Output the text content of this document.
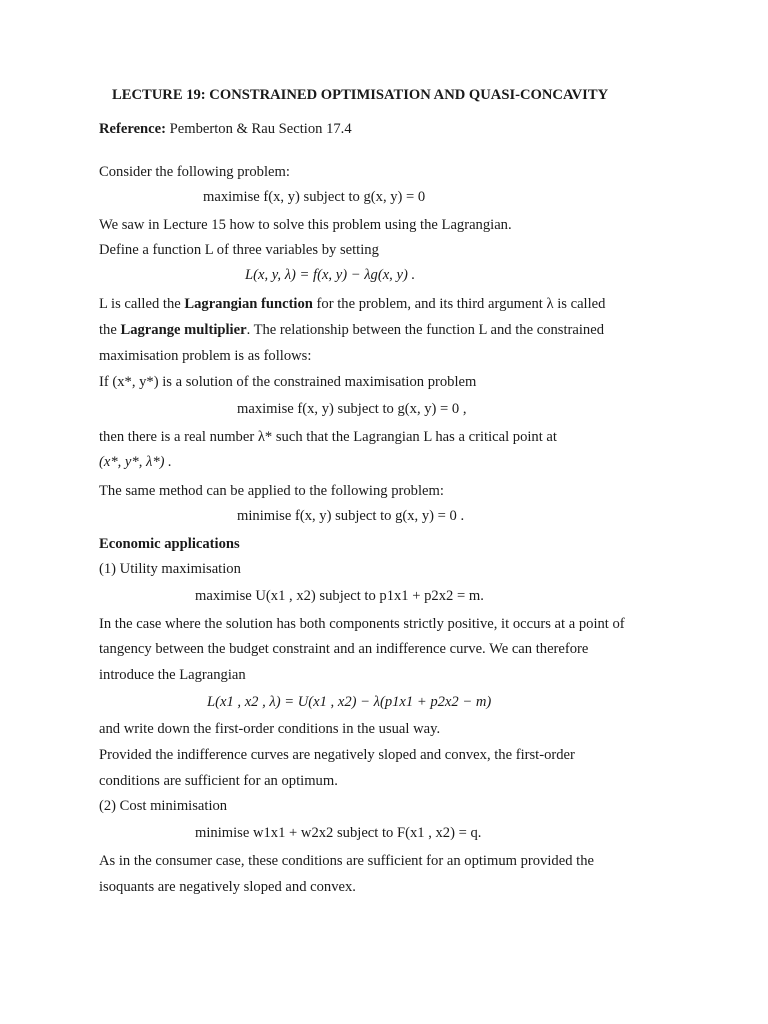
LECTURE 19: CONSTRAINED OPTIMISATION AND QUASI-CONCAVITY
Reference: Pemberton & Rau Section 17.4
Consider the following problem:
maximise f(x, y) subject to g(x, y) = 0
We saw in Lecture 15 how to solve this problem using the Lagrangian.
Define a function L of three variables by setting
L(x, y, λ) = f(x, y) − λg(x, y) .
L is called the Lagrangian function for the problem, and its third argument λ is called
the Lagrange multiplier. The relationship between the function L and the constrained
maximisation problem is as follows:
If (x*, y*) is a solution of the constrained maximisation problem
maximise f(x, y) subject to g(x, y) = 0 ,
then there is a real number λ* such that the Lagrangian L has a critical point at
(x*, y*, λ*) .
The same method can be applied to the following problem:
minimise f(x, y) subject to g(x, y) = 0 .
Economic applications
(1) Utility maximisation
maximise U(x1 , x2) subject to p1x1 + p2x2 = m.
In the case where the solution has both components strictly positive, it occurs at a point of
tangency between the budget constraint and an indifference curve. We can therefore
introduce the Lagrangian
L(x1 , x2 , λ) = U(x1 , x2) − λ(p1x1 + p2x2 − m)
and write down the first-order conditions in the usual way.
Provided the indifference curves are negatively sloped and convex, the first-order
conditions are sufficient for an optimum.
(2) Cost minimisation
minimise w1x1 + w2x2 subject to F(x1 , x2) = q.
As in the consumer case, these conditions are sufficient for an optimum provided the
isoquants are negatively sloped and convex.
